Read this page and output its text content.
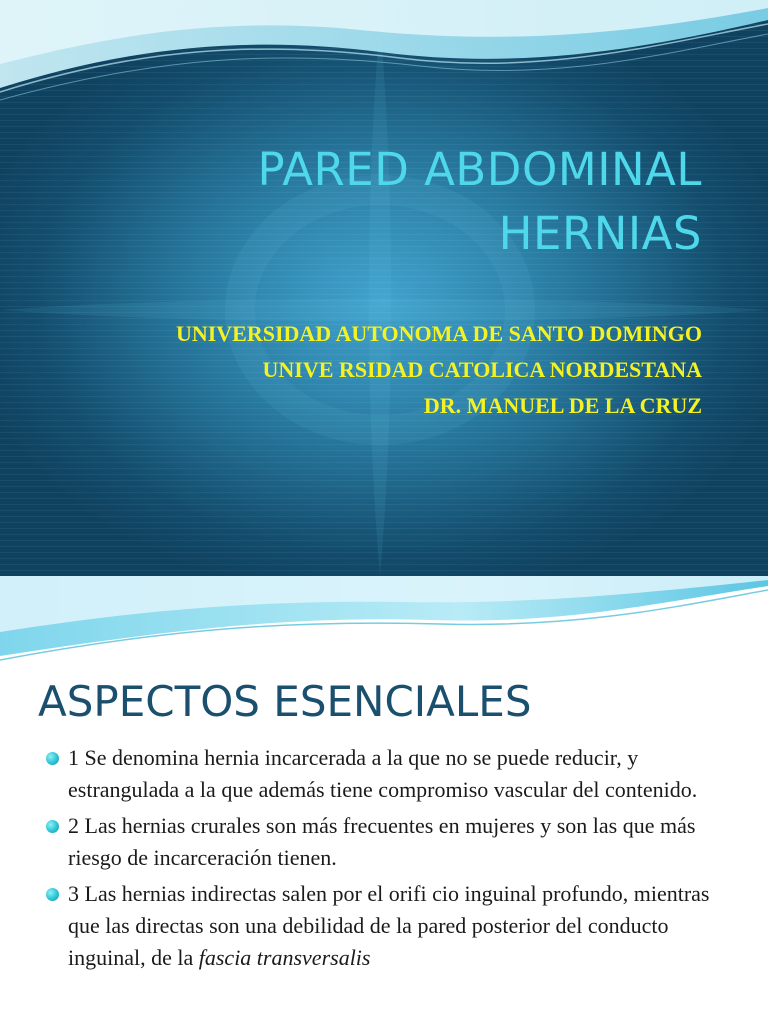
PARED ABDOMINAL
HERNIAS
UNIVERSIDAD AUTONOMA DE SANTO DOMINGO
UNIVE RSIDAD CATOLICA NORDESTANA
DR. MANUEL DE LA CRUZ
ASPECTOS ESENCIALES
1 Se denomina hernia incarcerada a la que no se puede reducir, y estrangulada a la que además tiene compromiso vascular del contenido.
2 Las hernias crurales son más frecuentes en mujeres y son las que más riesgo de incarceración tienen.
3 Las hernias indirectas salen por el orifi cio inguinal profundo, mientras que las directas son una debilidad de la pared posterior del conducto inguinal, de la fascia transversalis
